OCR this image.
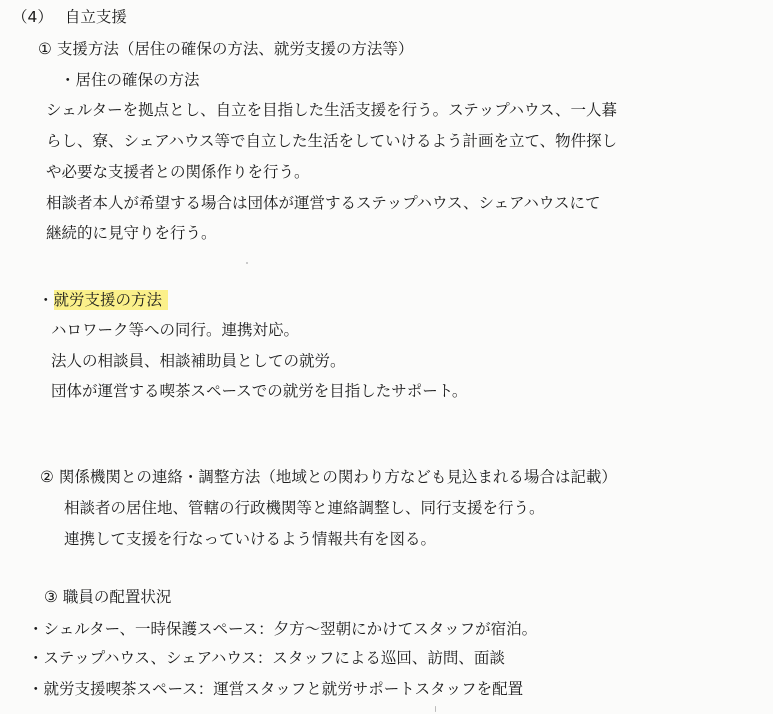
（4） 自立支援
① 支援方法（居住の確保の方法、就労支援の方法等）
・居住の確保の方法
シェルターを拠点とし、自立を目指した生活支援を行う。ステップハウス、一人暮
らし、寮、シェアハウス等で自立した生活をしていけるよう計画を立て、物件探し
や必要な支援者との関係作りを行う。
相談者本人が希望する場合は団体が運営するステップハウス、シェアハウスにて
継続的に見守りを行う。
・就労支援の方法
ハロワーク等への同行。連携対応。
法人の相談員、相談補助員としての就労。
団体が運営する喫茶スペースでの就労を目指したサポート。
② 関係機関との連絡・調整方法（地域との関わり方なども見込まれる場合は記載）
相談者の居住地、管轄の行政機関等と連絡調整し、同行支援を行う。
連携して支援を行なっていけるよう情報共有を図る。
③ 職員の配置状況
・シェルター、一時保護スペース：夕方〜翌朝にかけてスタッフが宿泊。
・ステップハウス、シェアハウス：スタッフによる巡回、訪問、面談
・就労支援喫茶スペース：運営スタッフと就労サポートスタッフを配置
